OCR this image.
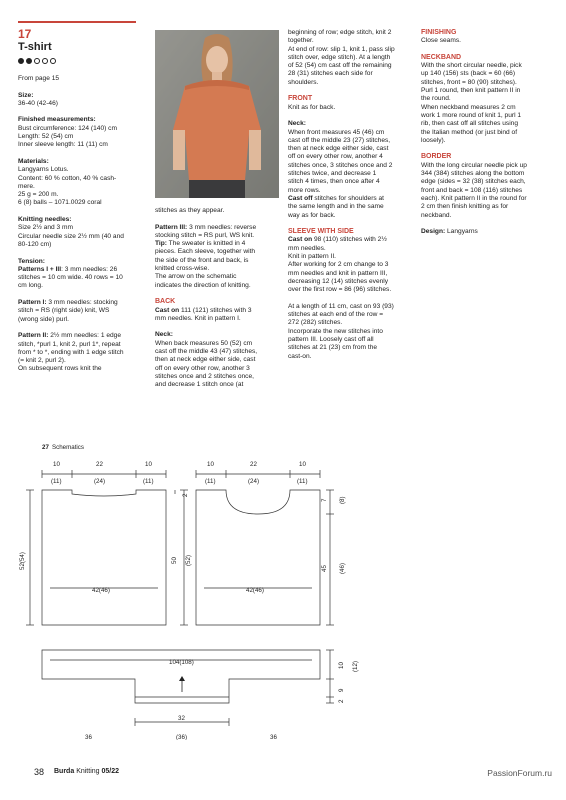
17
T-shirt

From page 15

Size:
36-40 (42-46)

Finished measurements:
Bust circumference: 124 (140) cm
Length: 52 (54) cm
Inner sleeve length: 11 (11) cm

Materials:
Langyarns Lotus.
Content: 60 % cotton, 40 % cash-
mere.
25 g = 200 m.
6 (8) balls – 1071.0029 coral

Knitting needles:
Size 2½ and 3 mm
Circular needle size 2½ mm (40 and
80-120 cm)

Tension:
Patterns I + III: 3 mm needles: 26
stitches = 10 cm wide. 40 rows = 10
cm long.

Pattern I: 3 mm needles: stocking
stitch = RS (right side) knit, WS
(wrong side) purl.

Pattern II: 2½ mm needles: 1 edge
stitch, *purl 1, knit 2, purl 1*, repeat
from * to *, ending with 1 edge stitch
(= knit 2, purl 2).
On subsequent rows knit the

stitches as they appear.

Pattern III: 3 mm needles: reverse
stocking stitch = RS purl, WS knit.

Tip: The sweater is knitted in 4
pieces. Each sleeve, together with
the side of the front and back, is
knitted cross-wise.
The arrow on the schematic
indicates the direction of knitting.

BACK

Cast on 111 (121) stitches with 3
mm needles. Knit in pattern I.

Neck:
When back measures 50 (52) cm
cast off the middle 43 (47) stitches,
then at neck edge either side, cast
off on every other row, another 3
stitches once and 2 stitches once,
and decrease 1 stitch once (at

beginning of row; edge stitch, knit 2
together.
At end of row: slip 1, knit 1, pass slip
stitch over, edge stitch). At a length
of 52 (54) cm cast off the remaining
28 (31) stitches each side for
shoulders.

FRONT

Knit as for back.

Neck:
When front measures 45 (46) cm
cast off the middle 23 (27) stitches,
then at neck edge either side, cast
off on every other row, another 4
stitches once, 3 stitches once and 2
stitches twice, and decrease 1
stitch 4 times, then once after 4
more rows.

Cast off stitches for shoulders at
the same length and in the same
way as for back.

SLEEVE WITH SIDE

Cast on 98 (110) stitches with 2½
mm needles.
Knit in pattern II.
After working for 2 cm change to 3
mm needles and knit in pattern III,
decreasing 12 (14) stitches evenly
over the first row = 86 (96) stitches.

At a length of 11 cm, cast on 93 (93)
stitches at each end of the row =
272 (282) stitches.
Incorporate the new stitches into
pattern III. Loosely cast off all
stitches at 21 (23) cm from the
cast-on.

FINISHING

Close seams.

NECKBAND

With the short circular needle, pick
up 140 (156) sts (back = 60 (66)
stitches, front = 80 (90) stitches).
Purl 1 round, then knit pattern II in
the round.
When neckband measures 2 cm
work 1 more round of knit 1, purl 1
rib, then cast off all stitches using
the Italian method (or just bind of
loosely).

BORDER

With the long circular needle pick up
344 (384) stitches along the bottom
edge (sides = 32 (38) stitches each,
front and back = 108 (116) stitches
each). Knit pattern II in the round for
2 cm then finish knitting as for
neckband.

Design: Langyarns

27 Schematics
10	22	10
(11)	(24)	(11)
52(54)
42(46)
2
10	22	10
(11)	(24)	(11)
50 (52)
42(46)
7 (8)
45 (46)
104(108)	10 (12)
9
2
32
36	(36)	36
38 Burda Knitting 05/22	PassionForum.ru
